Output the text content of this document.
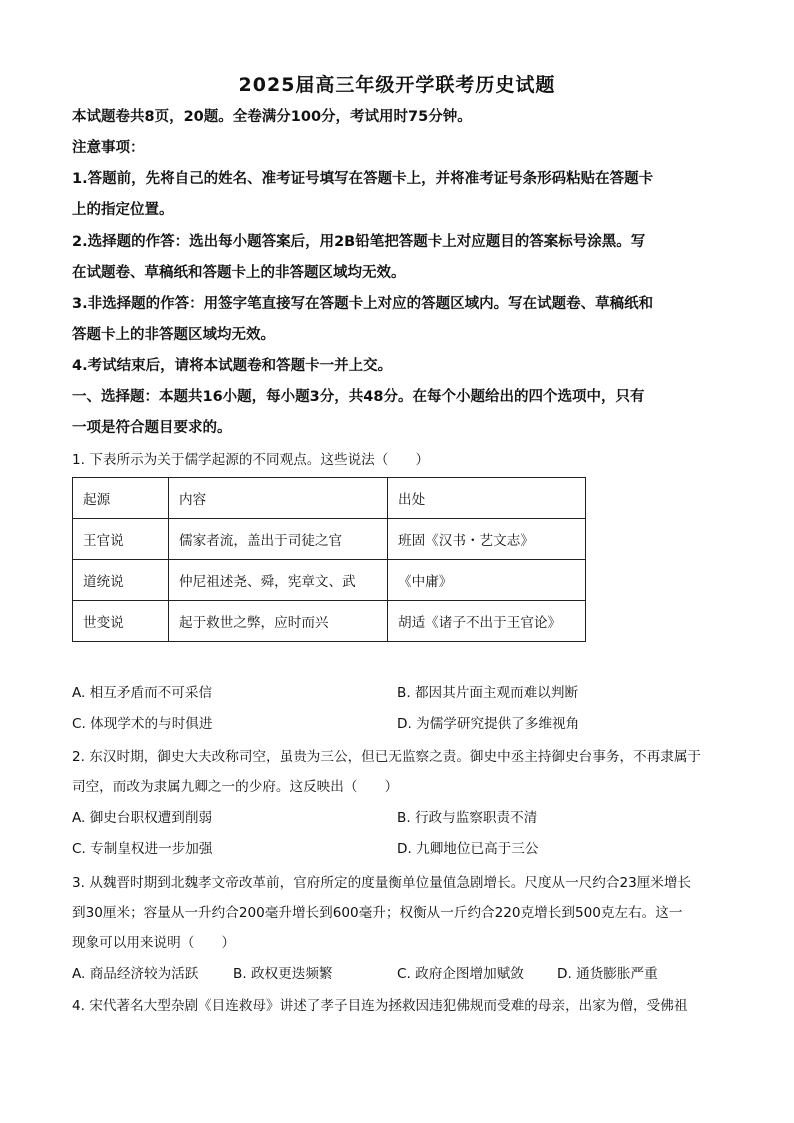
2025届高三年级开学联考历史试题
本试题卷共8页，20题。全卷满分100分，考试用时75分钟。
注意事项：
1.答题前，先将自己的姓名、准考证号填写在答题卡上，并将准考证号条形码粘贴在答题卡
上的指定位置。
2.选择题的作答：选出每小题答案后，用2B铅笔把答题卡上对应题目的答案标号涂黑。写
在试题卷、草稿纸和答题卡上的非答题区域均无效。
3.非选择题的作答：用签字笔直接写在答题卡上对应的答题区域内。写在试题卷、草稿纸和
答题卡上的非答题区域均无效。
4.考试结束后，请将本试题卷和答题卡一并上交。
一、选择题：本题共16小题，每小题3分，共48分。在每个小题给出的四个选项中，只有
一项是符合题目要求的。
1. 下表所示为关于儒学起源的不同观点。这些说法（　　）
起源	内容	出处
王官说	儒家者流，盖出于司徒之官	班固《汉书・艺文志》
道统说	仲尼祖述尧、舜，宪章文、武	《中庸》
世变说	起于救世之弊，应时而兴	胡适《诸子不出于王官论》
A. 相互矛盾而不可采信	B. 都因其片面主观而难以判断
C. 体现学术的与时俱进	D. 为儒学研究提供了多维视角
2. 东汉时期，御史大夫改称司空，虽贵为三公，但已无监察之责。御史中丞主持御史台事务，不再隶属于
司空，而改为隶属九卿之一的少府。这反映出（　　）
A. 御史台职权遭到削弱	B. 行政与监察职责不清
C. 专制皇权进一步加强	D. 九卿地位已高于三公
3. 从魏晋时期到北魏孝文帝改革前，官府所定的度量衡单位量值急剧增长。尺度从一尺约合23厘米增长
到30厘米；容量从一升约合200毫升增长到600毫升；权衡从一斤约合220克增长到500克左右。这一
现象可以用来说明（　　）
A. 商品经济较为活跃	B. 政权更迭频繁	C. 政府企图增加赋敛 D. 通货膨胀严重
4. 宋代著名大型杂剧《目连救母》讲述了孝子目连为拯救因违犯佛规而受难的母亲，出家为僧，受佛祖
